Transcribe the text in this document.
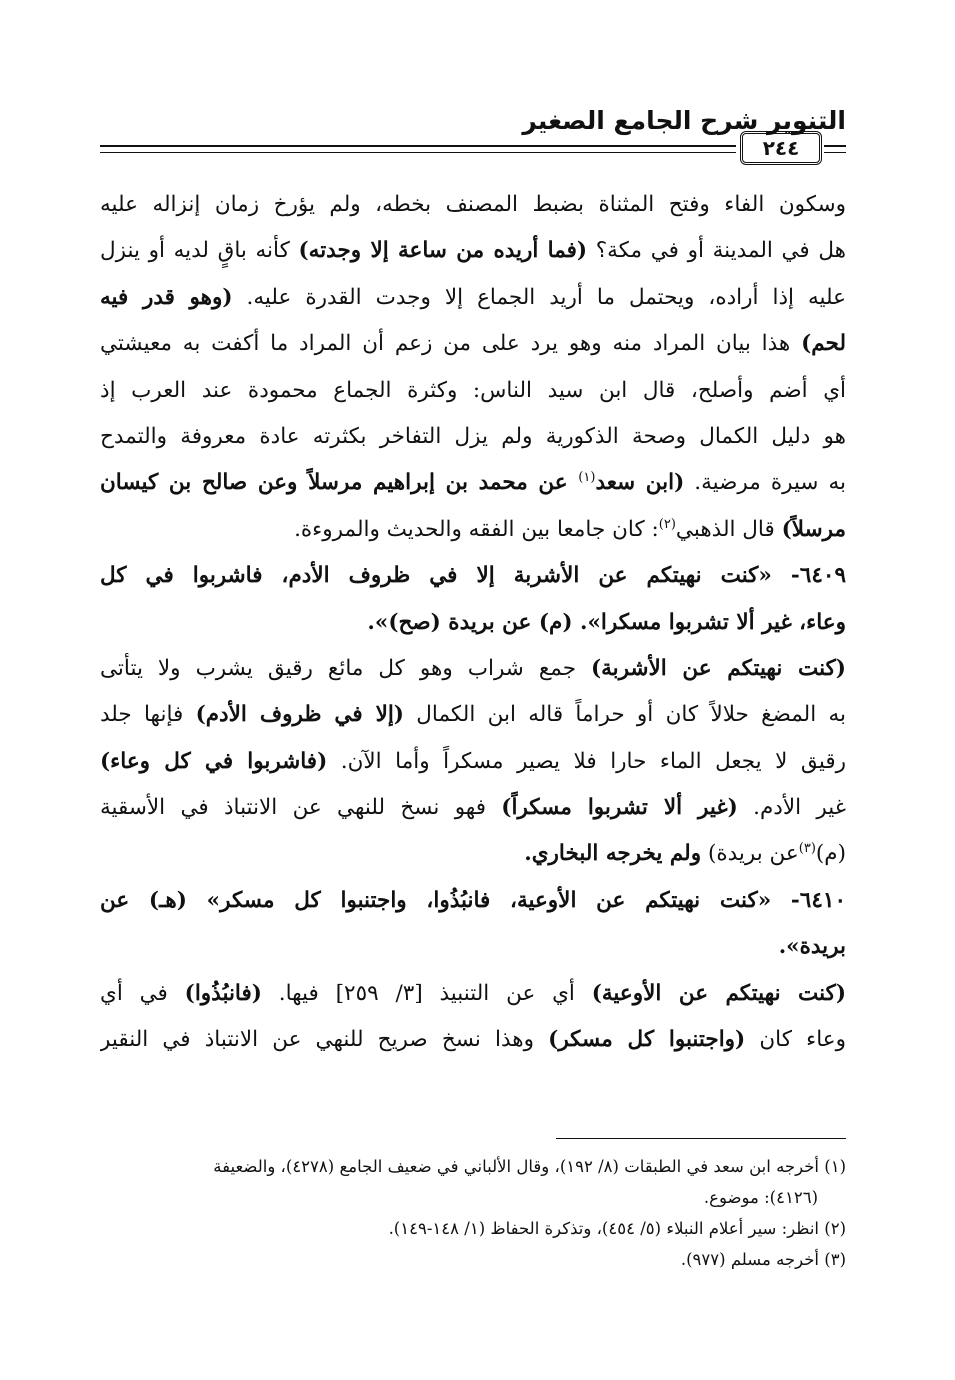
التنوير شرح الجامع الصغير
٢٤٤
وسكون الفاء وفتح المثناة بضبط المصنف بخطه، ولم يؤرخ زمان إنزاله عليه
هل في المدينة أو في مكة؟ (فما أريده من ساعة إلا وجدته) كأنه باقٍ لديه أو ينزل
عليه إذا أراده، ويحتمل ما أريد الجماع إلا وجدت القدرة عليه. (وهو قدر فيه
لحم) هذا بيان المراد منه وهو يرد على من زعم أن المراد ما أكفت به معيشتي
أي أضم وأصلح، قال ابن سيد الناس: وكثرة الجماع محمودة عند العرب إذ
هو دليل الكمال وصحة الذكورية ولم يزل التفاخر بكثرته عادة معروفة والتمدح
به سيرة مرضية. (ابن سعد$^{(١)}$ عن محمد بن إبراهيم مرسلاً وعن صالح بن كيسان
مرسلاً) قال الذهبي$^{(٢)}$: كان جامعا بين الفقه والحديث والمروءة.
٦٤٠٩- «كنت نهيتكم عن الأشربة إلا في ظروف الأدم، فاشربوا في كل
وعاء، غير ألا تشربوا مسكرا». (م) عن بريدة (صح)».
(كنت نهيتكم عن الأشربة) جمع شراب وهو كل مائع رقيق يشرب ولا يتأتى
به المضغ حلالاً كان أو حراماً قاله ابن الكمال (إلا في ظروف الأدم) فإنها جلد
رقيق لا يجعل الماء حارا فلا يصير مسكراً وأما الآن. (فاشربوا في كل وعاء)
غير الأدم. (غير ألا تشربوا مسكراً) فهو نسخ للنهي عن الانتباذ في الأسقية
(م)$^{(٣)}$عن بريدة) ولم يخرجه البخاري.
٦٤١٠- «كنت نهيتكم عن الأوعية، فانبُذُوا، واجتنبوا كل مسكر» (هـ) عن
بريدة».
(كنت نهيتكم عن الأوعية) أي عن التنبيذ [٣/ ٢٥٩] فيها. (فانبُذُوا) في أي
وعاء كان (واجتنبوا كل مسكر) وهذا نسخ صريح للنهي عن الانتباذ في النقير
(١) أخرجه ابن سعد في الطبقات (٨/ ١٩٢)، وقال الألباني في ضعيف الجامع (٤٢٧٨)، والضعيفة
(٤١٢٦): موضوع.
(٢) انظر: سير أعلام النبلاء (٥/ ٤٥٤)، وتذكرة الحفاظ (١/ ١٤٨-١٤٩).
(٣) أخرجه مسلم (٩٧٧).
